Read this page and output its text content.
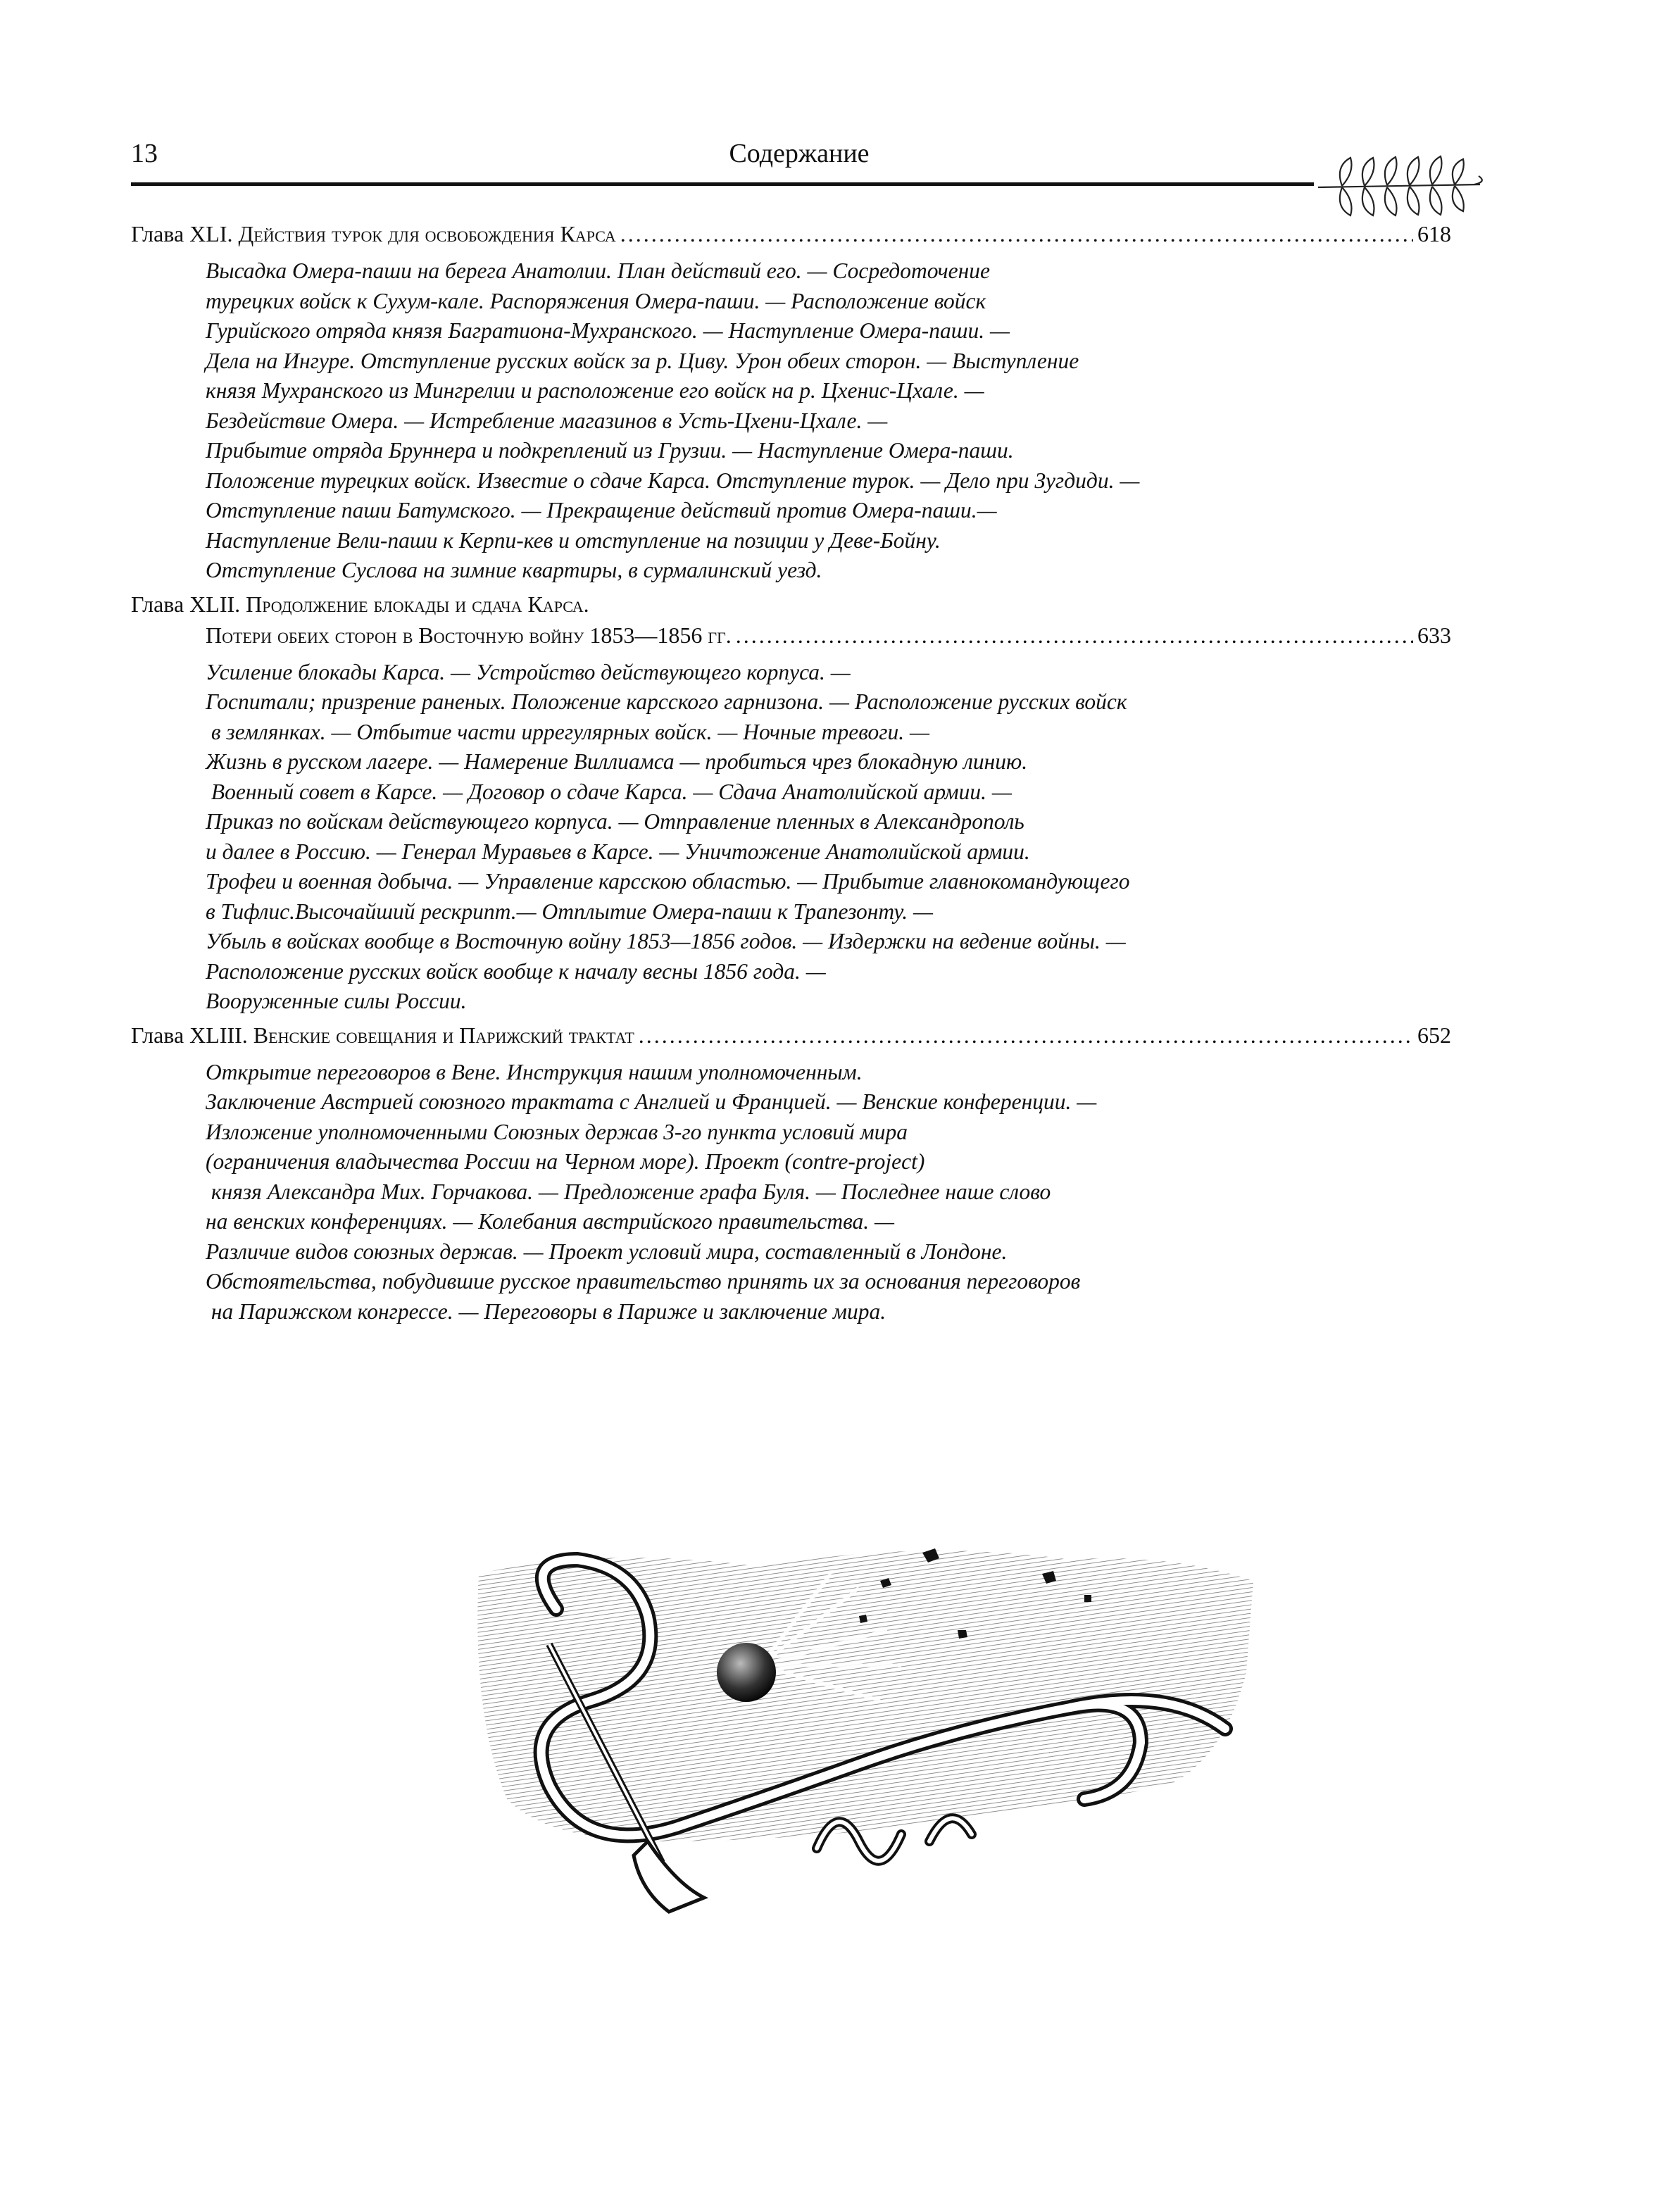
13	Содержание
Глава XLI. Действия турок для освобождения Карса .....	618
Высадка Омера-паши на берега Анатолии. План действий его. — Сосредоточение
турецких войск к Сухум-кале. Распоряжения Омера-паши. — Расположение войск
Гурийского отряда князя Багратиона-Мухранского. — Наступление Омера-паши. —
Дела на Ингуре. Отступление русских войск за р. Циву. Урон обеих сторон. — Выступление
князя Мухранского из Мингрелии и расположение его войск на р. Цхенис-Цхале. —
Бездействие Омера. — Истребление магазинов в Усть-Цхени-Цхале. —
Прибытие отряда Бруннера и подкреплений из Грузии. — Наступление Омера-паши.
Положение турецких войск. Известие о сдаче Карса. Отступление турок. — Дело при Зугдиди. —
Отступление паши Батумского. — Прекращение действий против Омера-паши.—
Наступление Вели-паши к Керпи-кев и отступление на позиции у Деве-Бойну.
Отступление Суслова на зимние квартиры, в сурмалинский уезд.
Глава XLII. Продолжение блокады и сдача Карса.
Потери обеих сторон в Восточную войну 1853—1856 гг. .....	633
Усиление блокады Карса. — Устройство действующего корпуса. —
Госпитали; призрение раненых. Положение карсского гарнизона. — Расположение русских войск
в землянках. — Отбытие части иррегулярных войск. — Ночные тревоги. —
Жизнь в русском лагере. — Намерение Виллиамса — пробиться чрез блокадную линию.
Военный совет в Карсе. — Договор о сдаче Карса. — Сдача Анатолийской армии. —
Приказ по войскам действующего корпуса. — Отправление пленных в Александрополь
и далее в Россию. — Генерал Муравьев в Карсе. — Уничтожение Анатолийской армии.
Трофеи и военная добыча. — Управление карсскою областью. — Прибытие главнокомандующего
в Тифлис.Высочайший рескрипт.— Отплытие Омера-паши к Трапезонту. —
Убыль в войсках вообще в Восточную войну 1853—1856 годов. — Издержки на ведение войны. —
Расположение русских войск вообще к началу весны 1856 года. —
Вооруженные силы России.
Глава XLIII. Венские совещания и Парижский трактат .....	652
Открытие переговоров в Вене. Инструкция нашим уполномоченным.
Заключение Австрией союзного трактата с Англией и Францией. — Венские конференции. —
Изложение уполномоченными Союзных держав 3-го пункта условий мира
(ограничения владычества России на Черном море). Проект (contre-project)
князя Александра Мих. Горчакова. — Предложение графа Буля. — Последнее наше слово
на венских конференциях. — Колебания австрийского правительства. —
Различие видов союзных держав. — Проект условий мира, составленный в Лондоне.
Обстоятельства, побудившие русское правительство принять их за основания переговоров
на Парижском конгрессе. — Переговоры в Париже и заключение мира.
